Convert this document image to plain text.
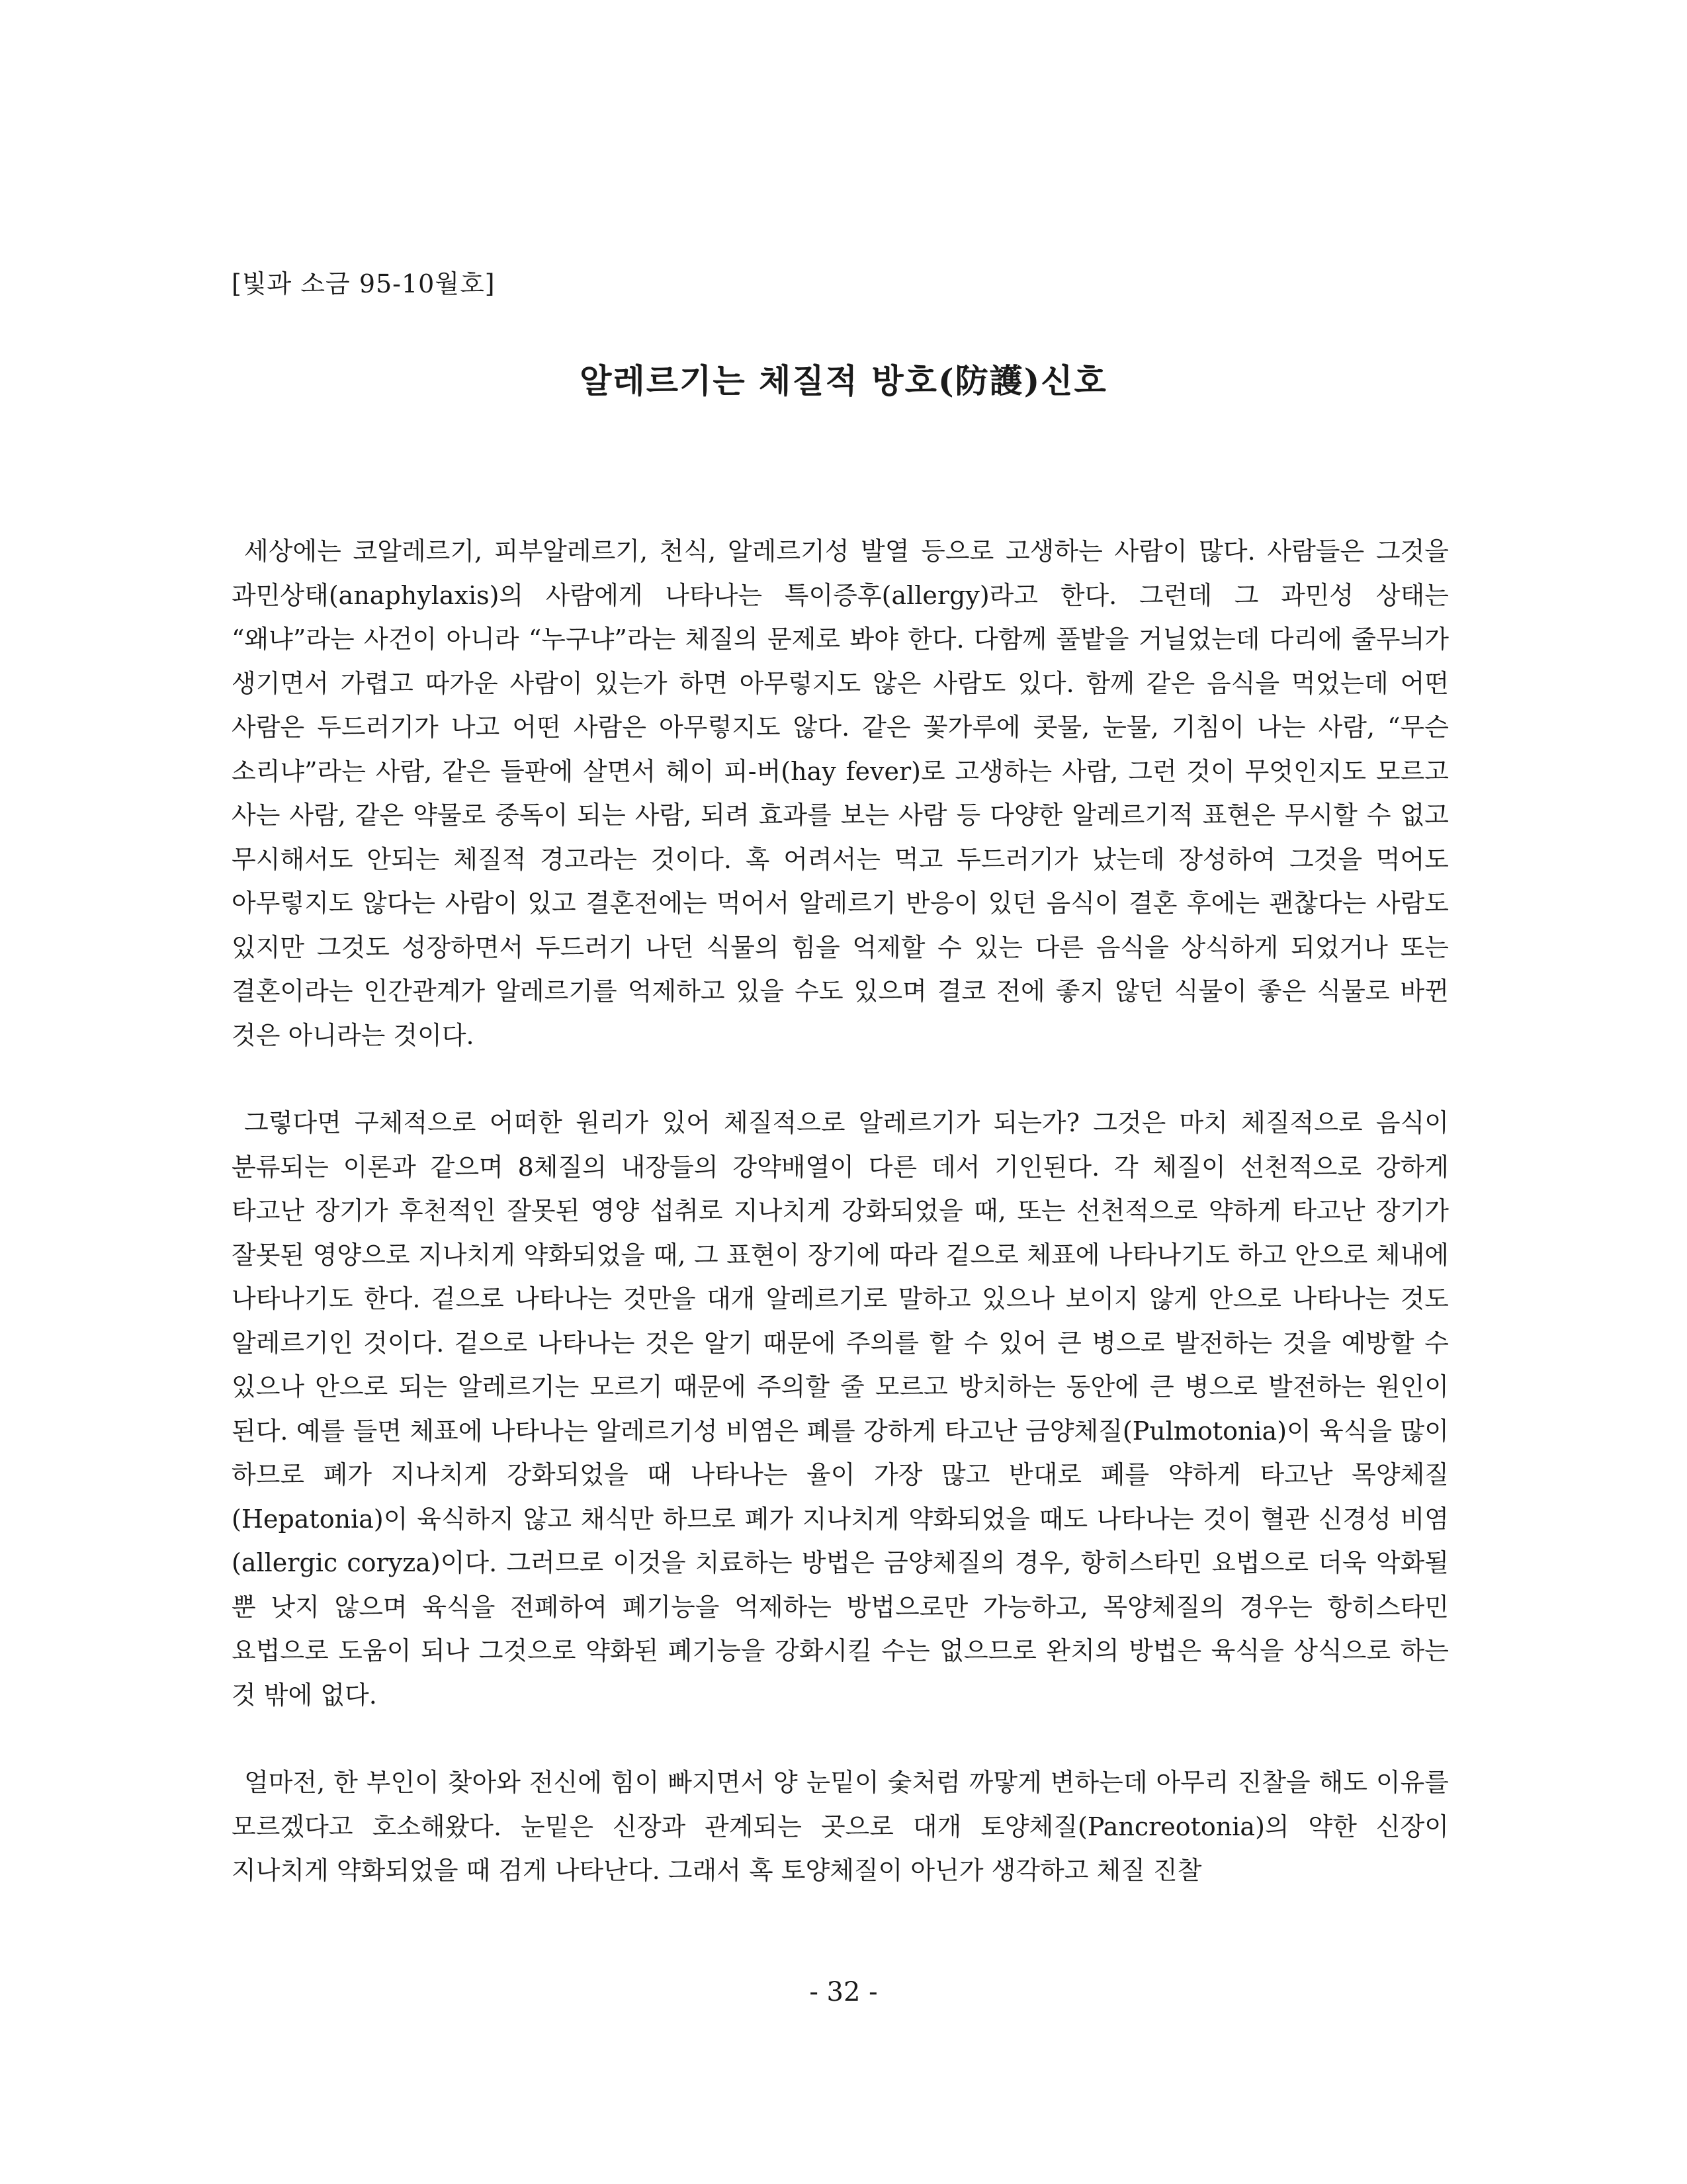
[빛과 소금 95-10월호]
알레르기는 체질적 방호(防護)신호

세상에는 코알레르기, 피부알레르기, 천식, 알레르기성 발열 등으로 고생하는 사람이 많다. 사람들은 그것을 과민상태(anaphylaxis)의 사람에게 나타나는 특이증후(allergy)라고 한다. 그런데 그 과민성 상태는 “왜냐”라는 사건이 아니라 “누구냐”라는 체질의 문제로 봐야 한다. 다함께 풀밭을 거닐었는데 다리에 줄무늬가 생기면서 가렵고 따가운 사람이 있는가 하면 아무렇지도 않은 사람도 있다. 함께 같은 음식을 먹었는데 어떤 사람은 두드러기가 나고 어떤 사람은 아무렇지도 않다. 같은 꽃가루에 콧물, 눈물, 기침이 나는 사람, “무슨 소리냐”라는 사람, 같은 들판에 살면서 헤이 피-버(hay fever)로 고생하는 사람, 그런 것이 무엇인지도 모르고 사는 사람, 같은 약물로 중독이 되는 사람, 되려 효과를 보는 사람 등 다양한 알레르기적 표현은 무시할 수 없고 무시해서도 안되는 체질적 경고라는 것이다. 혹 어려서는 먹고 두드러기가 났는데 장성하여 그것을 먹어도 아무렇지도 않다는 사람이 있고 결혼전에는 먹어서 알레르기 반응이 있던 음식이 결혼 후에는 괜찮다는 사람도 있지만 그것도 성장하면서 두드러기 나던 식물의 힘을 억제할 수 있는 다른 음식을 상식하게 되었거나 또는 결혼이라는 인간관계가 알레르기를 억제하고 있을 수도 있으며 결코 전에 좋지 않던 식물이 좋은 식물로 바뀐 것은 아니라는 것이다.

그렇다면 구체적으로 어떠한 원리가 있어 체질적으로 알레르기가 되는가? 그것은 마치 체질적으로 음식이 분류되는 이론과 같으며 8체질의 내장들의 강약배열이 다른 데서 기인된다. 각 체질이 선천적으로 강하게 타고난 장기가 후천적인 잘못된 영양 섭취로 지나치게 강화되었을 때, 또는 선천적으로 약하게 타고난 장기가 잘못된 영양으로 지나치게 약화되었을 때, 그 표현이 장기에 따라 겉으로 체표에 나타나기도 하고 안으로 체내에 나타나기도 한다. 겉으로 나타나는 것만을 대개 알레르기로 말하고 있으나 보이지 않게 안으로 나타나는 것도 알레르기인 것이다. 겉으로 나타나는 것은 알기 때문에 주의를 할 수 있어 큰 병으로 발전하는 것을 예방할 수 있으나 안으로 되는 알레르기는 모르기 때문에 주의할 줄 모르고 방치하는 동안에 큰 병으로 발전하는 원인이 된다. 예를 들면 체표에 나타나는 알레르기성 비염은 폐를 강하게 타고난 금양체질(Pulmotonia)이 육식을 많이 하므로 폐가 지나치게 강화되었을 때 나타나는 율이 가장 많고 반대로 폐를 약하게 타고난 목양체질(Hepatonia)이 육식하지 않고 채식만 하므로 폐가 지나치게 약화되었을 때도 나타나는 것이 혈관 신경성 비염(allergic coryza)이다. 그러므로 이것을 치료하는 방법은 금양체질의 경우, 항히스타민 요법으로 더욱 악화될 뿐 낫지 않으며 육식을 전폐하여 폐기능을 억제하는 방법으로만 가능하고, 목양체질의 경우는 항히스타민 요법으로 도움이 되나 그것으로 약화된 폐기능을 강화시킬 수는 없으므로 완치의 방법은 육식을 상식으로 하는 것 밖에 없다.

얼마전, 한 부인이 찾아와 전신에 힘이 빠지면서 양 눈밑이 숯처럼 까맣게 변하는데 아무리 진찰을 해도 이유를 모르겠다고 호소해왔다. 눈밑은 신장과 관계되는 곳으로 대개 토양체질(Pancreotonia)의 약한 신장이 지나치게 약화되었을 때 검게 나타난다. 그래서 혹 토양체질이 아닌가 생각하고 체질 진찰

- 32 -
